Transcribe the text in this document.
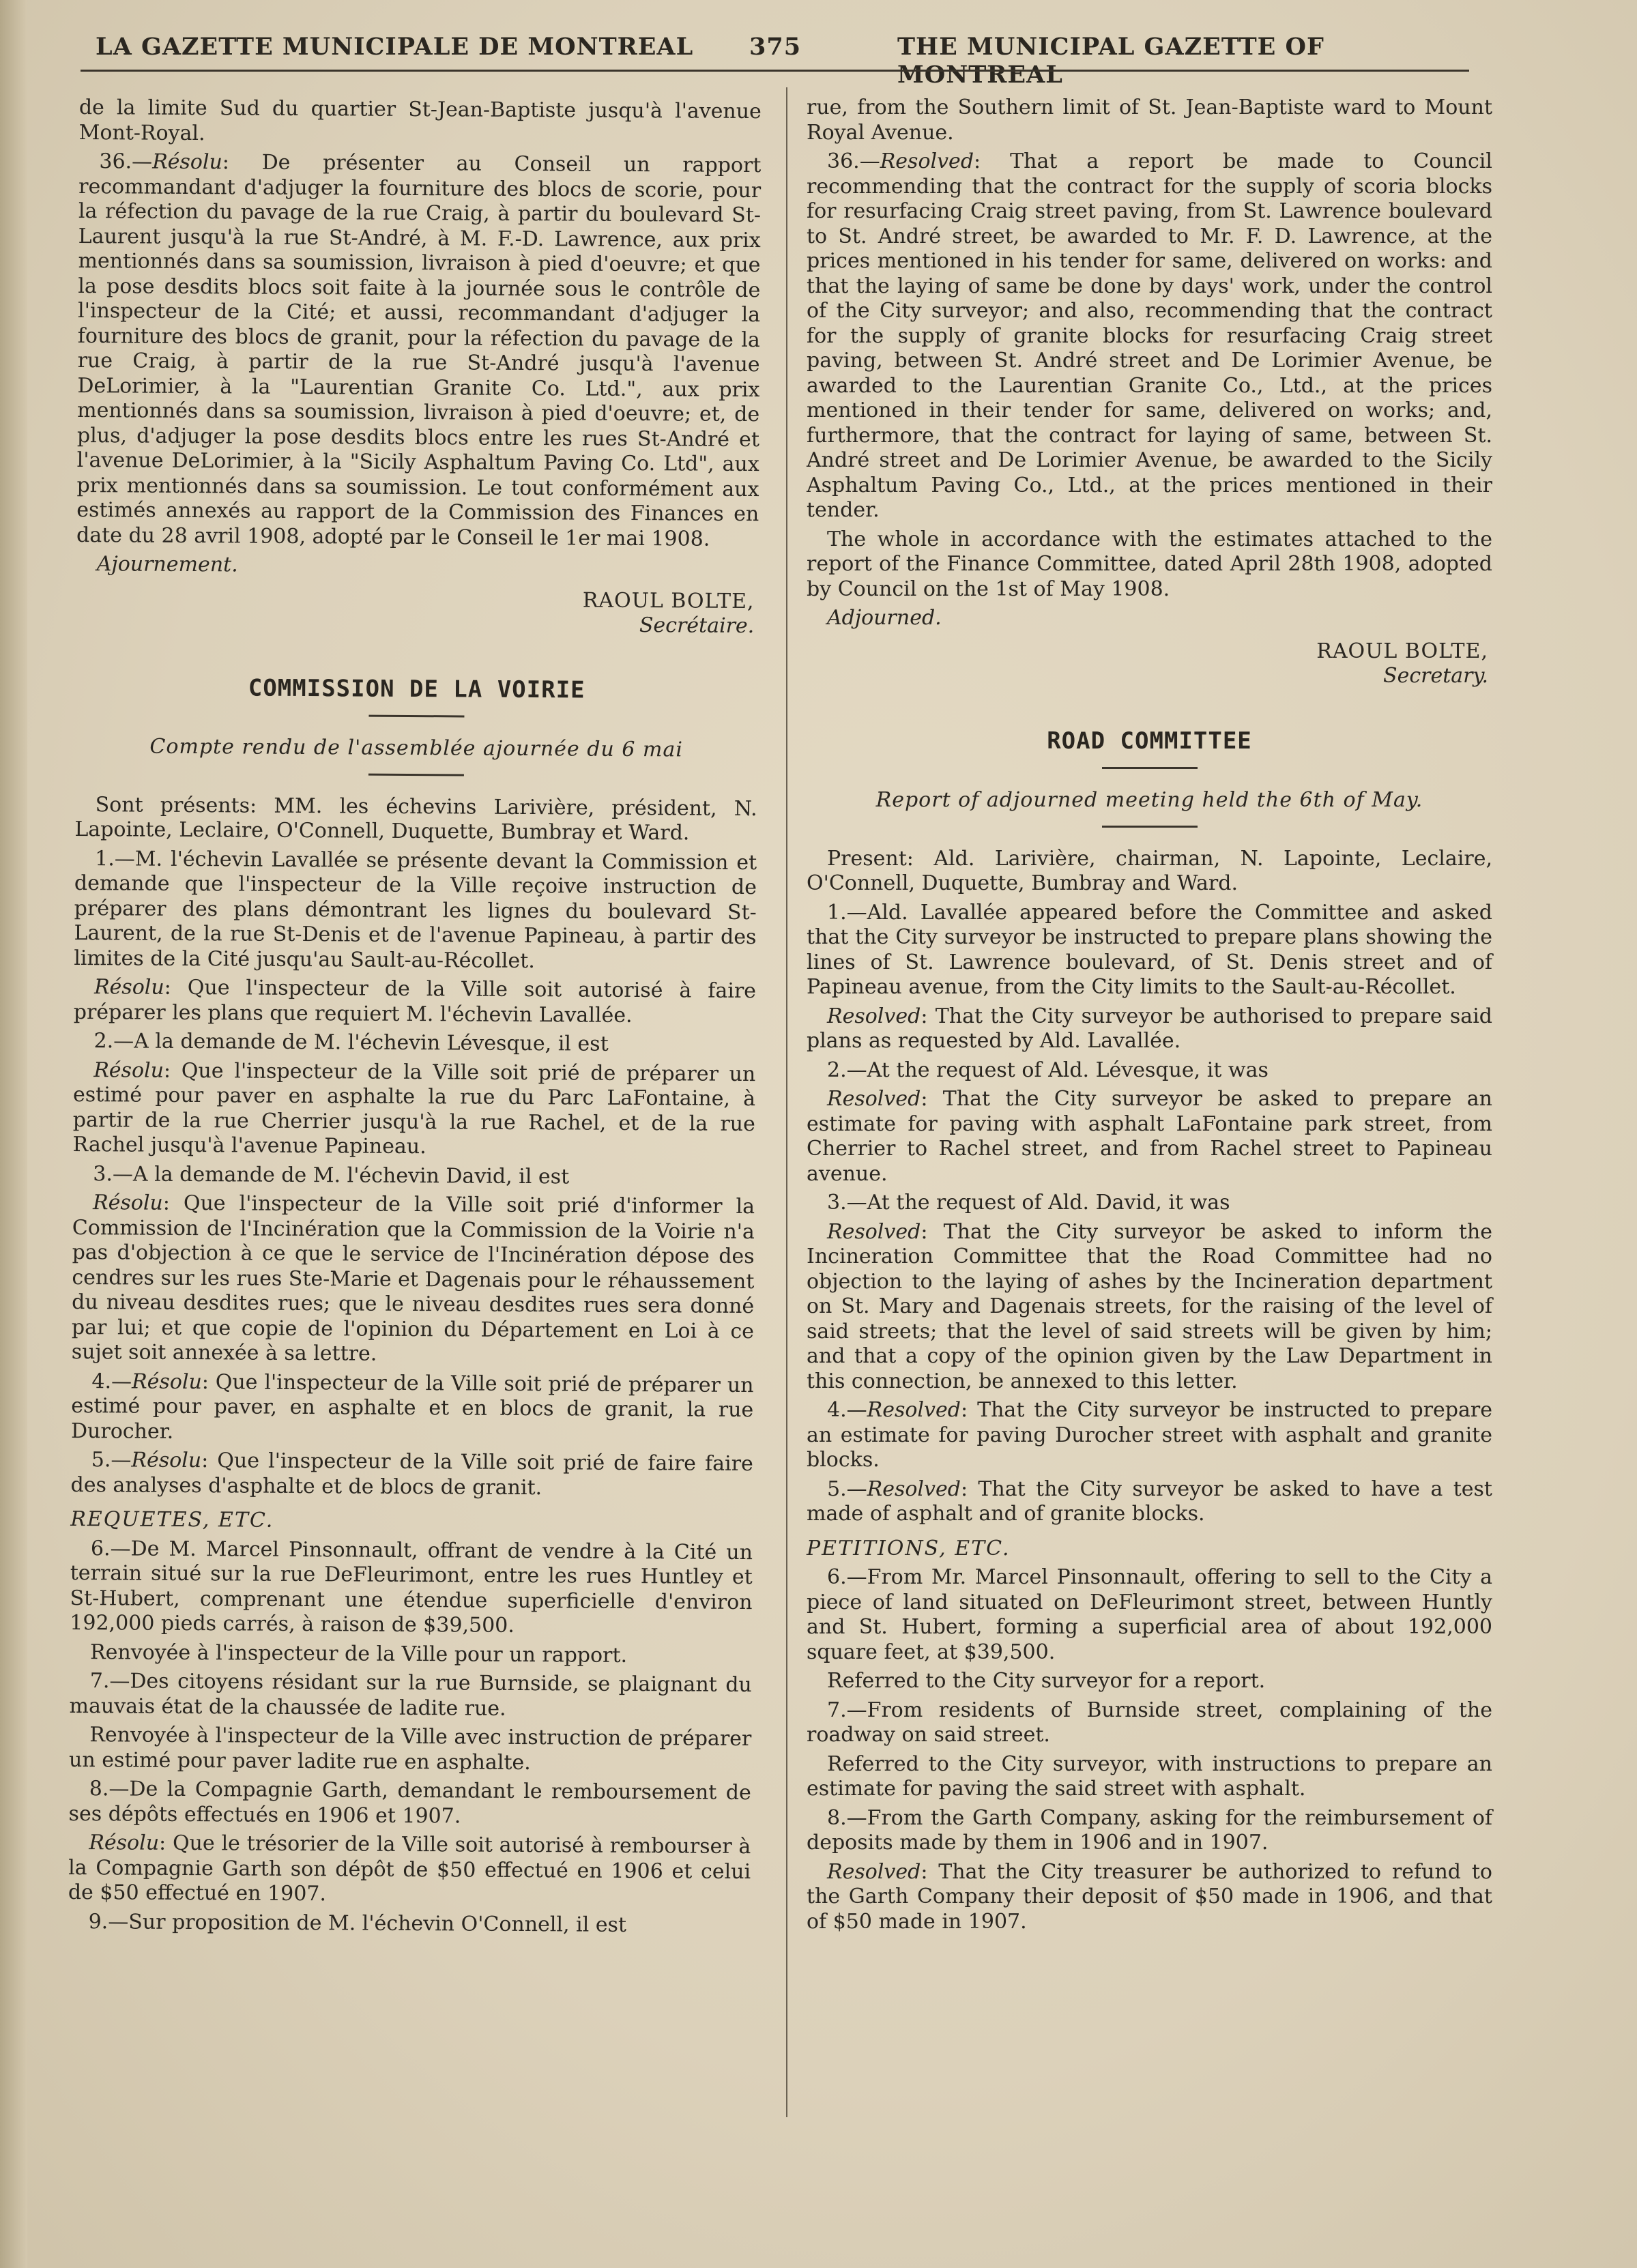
LA GAZETTE MUNICIPALE DE MONTREAL 375	THE MUNICIPAL GAZETTE OF MONTREAL

de la limite Sud du quartier St-Jean-Baptiste jusqu'à l'avenue Mont-Royal.

36.—Résolu: De présenter au Conseil un rapport recommandant d'adjuger la fourniture des blocs de scorie, pour la réfection du pavage de la rue Craig, à partir du boulevard St-Laurent jusqu'à la rue St-André, à M. F.-D. Lawrence, aux prix mentionnés dans sa soumission, livraison à pied d'oeuvre; et que la pose desdits blocs soit faite à la journée sous le contrôle de l'inspecteur de la Cité; et aussi, recommandant d'adjuger la fourniture des blocs de granit, pour la réfection du pavage de la rue Craig, à partir de la rue St-André jusqu'à l'avenue DeLorimier, à la "Laurentian Granite Co. Ltd.", aux prix mentionnés dans sa soumission, livraison à pied d'oeuvre; et, de plus, d'adjuger la pose desdits blocs entre les rues St-André et l'avenue DeLorimier, à la "Sicily Asphaltum Paving Co. Ltd", aux prix mentionnés dans sa soumission. Le tout conformément aux estimés annexés au rapport de la Commission des Finances en date du 28 avril 1908, adopté par le Conseil le 1er mai 1908.

Ajournement.

RAOUL BOLTE,
Secrétaire.
COMMISSION DE LA VOIRIE
Compte rendu de l'assemblée ajournée du 6 mai

Sont présents: MM. les échevins Larivière, président, N. Lapointe, Leclaire, O'Connell, Duquette, Bumbray et Ward.

1.—M. l'échevin Lavallée se présente devant la Commission et demande que l'inspecteur de la Ville reçoive instruction de préparer des plans démontrant les lignes du boulevard St-Laurent, de la rue St-Denis et de l'avenue Papineau, à partir des limites de la Cité jusqu'au Sault-au-Récollet.

Résolu: Que l'inspecteur de la Ville soit autorisé à faire préparer les plans que requiert M. l'échevin Lavallée.

2.—A la demande de M. l'échevin Lévesque, il est

Résolu: Que l'inspecteur de la Ville soit prié de préparer un estimé pour paver en asphalte la rue du Parc LaFontaine, à partir de la rue Cherrier jusqu'à la rue Rachel, et de la rue Rachel jusqu'à l'avenue Papineau.

3.—A la demande de M. l'échevin David, il est

Résolu: Que l'inspecteur de la Ville soit prié d'informer la Commission de l'Incinération que la Commission de la Voirie n'a pas d'objection à ce que le service de l'Incinération dépose des cendres sur les rues Ste-Marie et Dagenais pour le réhaussement du niveau desdites rues; que le niveau desdites rues sera donné par lui; et que copie de l'opinion du Département en Loi à ce sujet soit annexée à sa lettre.

4.—Résolu: Que l'inspecteur de la Ville soit prié de préparer un estimé pour paver, en asphalte et en blocs de granit, la rue Durocher.

5.—Résolu: Que l'inspecteur de la Ville soit prié de faire faire des analyses d'asphalte et de blocs de granit.

REQUETES, ETC.

6.—De M. Marcel Pinsonnault, offrant de vendre à la Cité un terrain situé sur la rue DeFleurimont, entre les rues Huntley et St-Hubert, comprenant une étendue superficielle d'environ 192,000 pieds carrés, à raison de $39,500.

Renvoyée à l'inspecteur de la Ville pour un rapport.

7.—Des citoyens résidant sur la rue Burnside, se plaignant du mauvais état de la chaussée de ladite rue.

Renvoyée à l'inspecteur de la Ville avec instruction de préparer un estimé pour paver ladite rue en asphalte.

8.—De la Compagnie Garth, demandant le remboursement de ses dépôts effectués en 1906 et 1907.

Résolu: Que le trésorier de la Ville soit autorisé à rembourser à la Compagnie Garth son dépôt de $50 effectué en 1906 et celui de $50 effectué en 1907.

9.—Sur proposition de M. l'échevin O'Connell, il est

rue, from the Southern limit of St. Jean-Baptiste ward to Mount Royal Avenue.

36.—Resolved: That a report be made to Council recommending that the contract for the supply of scoria blocks for resurfacing Craig street paving, from St. Lawrence boulevard to St. André street, be awarded to Mr. F. D. Lawrence, at the prices mentioned in his tender for same, delivered on works: and that the laying of same be done by days' work, under the control of the City surveyor; and also, recommending that the contract for the supply of granite blocks for resurfacing Craig street paving, between St. André street and De Lorimier Avenue, be awarded to the Laurentian Granite Co., Ltd., at the prices mentioned in their tender for same, delivered on works; and, furthermore, that the contract for laying of same, between St. André street and De Lorimier Avenue, be awarded to the Sicily Asphaltum Paving Co., Ltd., at the prices mentioned in their tender.

The whole in accordance with the estimates attached to the report of the Finance Committee, dated April 28th 1908, adopted by Council on the 1st of May 1908.

Adjourned.

RAOUL BOLTE,
Secretary.
ROAD COMMITTEE
Report of adjourned meeting held the 6th of May.

Present: Ald. Larivière, chairman, N. Lapointe, Leclaire, O'Connell, Duquette, Bumbray and Ward.

1.—Ald. Lavallée appeared before the Committee and asked that the City surveyor be instructed to prepare plans showing the lines of St. Lawrence boulevard, of St. Denis street and of Papineau avenue, from the City limits to the Sault-au-Récollet.

Resolved: That the City surveyor be authorised to prepare said plans as requested by Ald. Lavallée.

2.—At the request of Ald. Lévesque, it was

Resolved: That the City surveyor be asked to prepare an estimate for paving with asphalt LaFontaine park street, from Cherrier to Rachel street, and from Rachel street to Papineau avenue.

3.—At the request of Ald. David, it was

Resolved: That the City surveyor be asked to inform the Incineration Committee that the Road Committee had no objection to the laying of ashes by the Incineration department on St. Mary and Dagenais streets, for the raising of the level of said streets; that the level of said streets will be given by him; and that a copy of the opinion given by the Law Department in this connection, be annexed to this letter.

4.—Resolved: That the City surveyor be instructed to prepare an estimate for paving Durocher street with asphalt and granite blocks.

5.—Resolved: That the City surveyor be asked to have a test made of asphalt and of granite blocks.

PETITIONS, ETC.

6.—From Mr. Marcel Pinsonnault, offering to sell to the City a piece of land situated on DeFleurimont street, between Huntly and St. Hubert, forming a superficial area of about 192,000 square feet, at $39,500.

Referred to the City surveyor for a report.

7.—From residents of Burnside street, complaining of the roadway on said street.

Referred to the City surveyor, with instructions to prepare an estimate for paving the said street with asphalt.

8.—From the Garth Company, asking for the reimbursement of deposits made by them in 1906 and in 1907.

Resolved: That the City treasurer be authorized to refund to the Garth Company their deposit of $50 made in 1906, and that of $50 made in 1907.
